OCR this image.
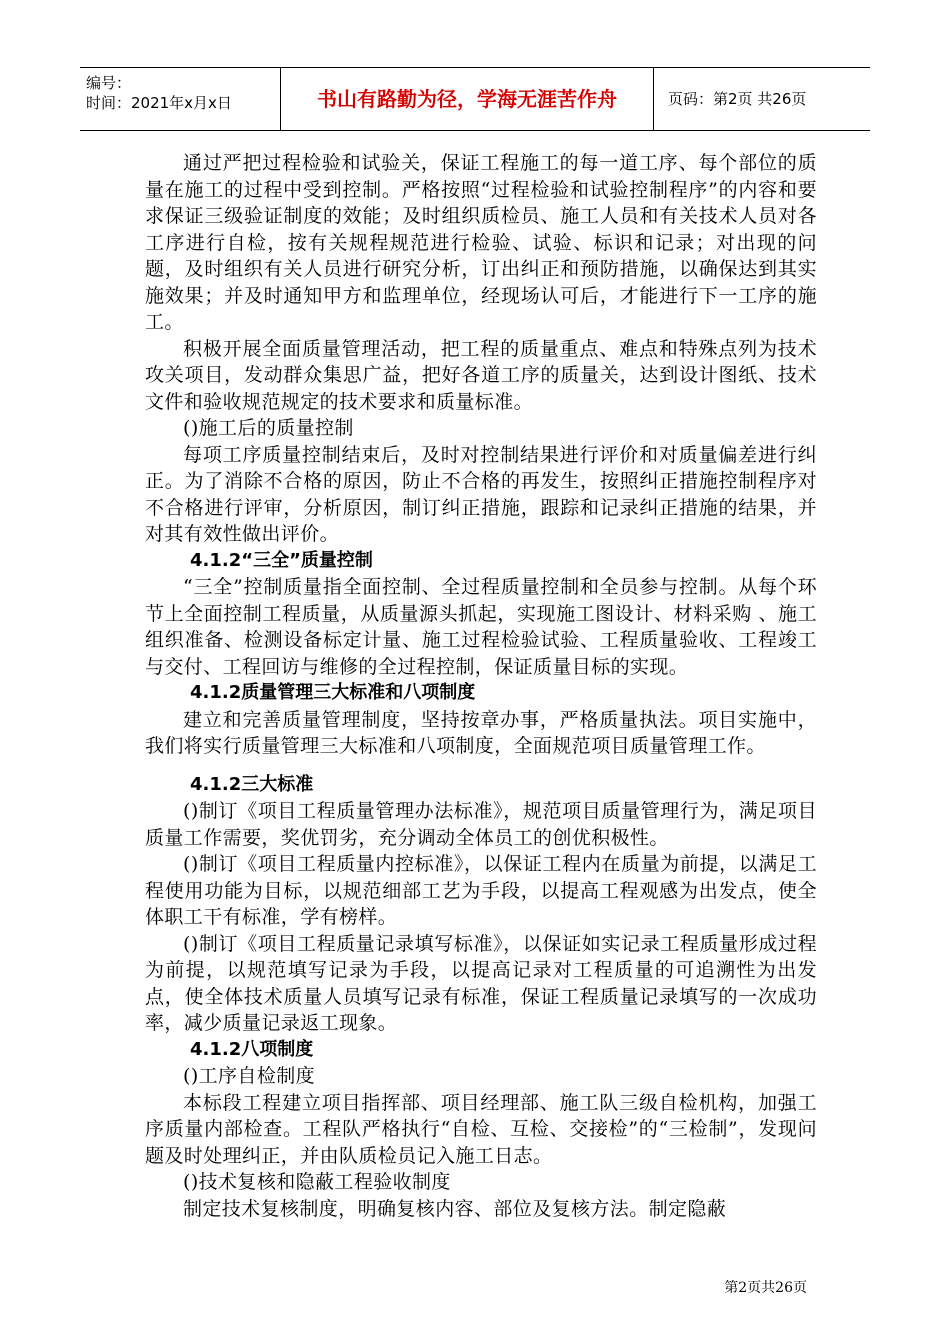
编号：
时间：2021年x月x日	书山有路勤为径，学海无涯苦作舟	页码：第2页 共26页

通过严把过程检验和试验关，保证工程施工的每一道工序、每个部位的质量在施工的过程中受到控制。严格按照“过程检验和试验控制程序”的内容和要求保证三级验证制度的效能；及时组织质检员、施工人员和有关技术人员对各工序进行自检，按有关规程规范进行检验、试验、标识和记录；对出现的问题，及时组织有关人员进行研究分析，订出纠正和预防措施，以确保达到其实施效果；并及时通知甲方和监理单位，经现场认可后，才能进行下一工序的施工。

积极开展全面质量管理活动，把工程的质量重点、难点和特殊点列为技术攻关项目，发动群众集思广益，把好各道工序的质量关，达到设计图纸、技术文件和验收规范规定的技术要求和质量标准。

()施工后的质量控制

每项工序质量控制结束后，及时对控制结果进行评价和对质量偏差进行纠正。为了消除不合格的原因，防止不合格的再发生，按照纠正措施控制程序对不合格进行评审，分析原因，制订纠正措施，跟踪和记录纠正措施的结果，并对其有效性做出评价。

4.1.2“三全”质量控制

“三全”控制质量指全面控制、全过程质量控制和全员参与控制。从每个环节上全面控制工程质量，从质量源头抓起，实现施工图设计、材料采购 、施工组织准备、检测设备标定计量、施工过程检验试验、工程质量验收、工程竣工与交付、工程回访与维修的全过程控制，保证质量目标的实现。

4.1.2质量管理三大标准和八项制度

建立和完善质量管理制度，坚持按章办事，严格质量执法。项目实施中，我们将实行质量管理三大标准和八项制度，全面规范项目质量管理工作。

4.1.2三大标准

()制订《项目工程质量管理办法标准》，规范项目质量管理行为，满足项目质量工作需要，奖优罚劣，充分调动全体员工的创优积极性。

()制订《项目工程质量内控标准》，以保证工程内在质量为前提，以满足工程使用功能为目标，以规范细部工艺为手段，以提高工程观感为出发点，使全体职工干有标准，学有榜样。

()制订《项目工程质量记录填写标准》，以保证如实记录工程质量形成过程为前提，以规范填写记录为手段，以提高记录对工程质量的可追溯性为出发点，使全体技术质量人员填写记录有标准，保证工程质量记录填写的一次成功率，减少质量记录返工现象。

4.1.2八项制度

()工序自检制度

本标段工程建立项目指挥部、项目经理部、施工队三级自检机构，加强工序质量内部检查。工程队严格执行“自检、互检、交接检”的“三检制”，发现问题及时处理纠正，并由队质检员记入施工日志。

()技术复核和隐蔽工程验收制度

制定技术复核制度，明确复核内容、部位及复核方法。制定隐蔽

第2页共26页
